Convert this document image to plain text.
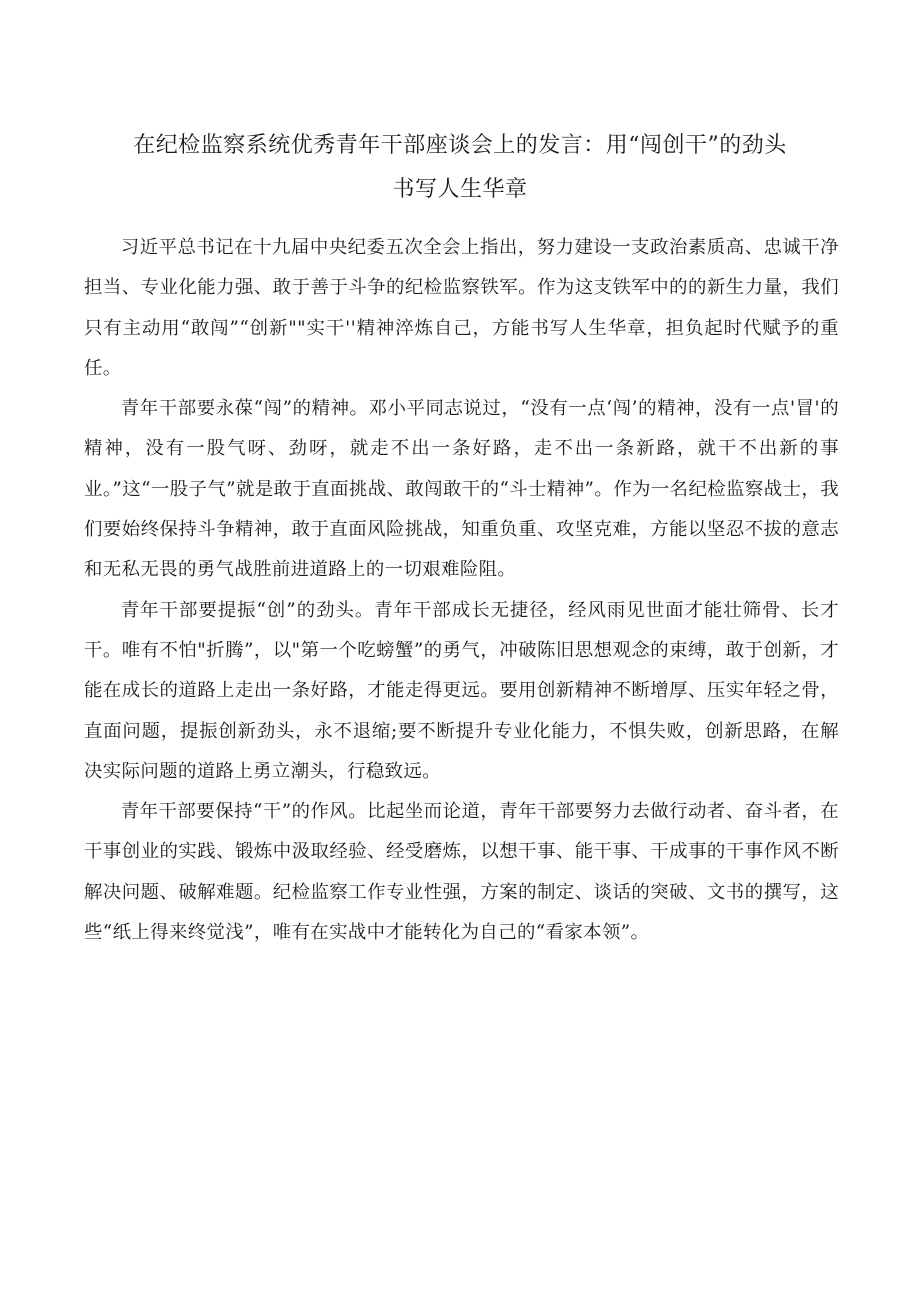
在纪检监察系统优秀青年干部座谈会上的发言：用“闯创干”的劲头
书写人生华章

习近平总书记在十九届中央纪委五次全会上指出，努力建设一支政治素质高、忠诚干净担当、专业化能力强、敢于善于斗争的纪检监察铁军。作为这支铁军中的的新生力量，我们只有主动用“敢闯”“创新""实干''精神淬炼自己，方能书写人生华章，担负起时代赋予的重任。

青年干部要永葆“闯”的精神。邓小平同志说过，“没有一点‘闯’的精神，没有一点'冒'的精神，没有一股气呀、劲呀，就走不出一条好路，走不出一条新路，就干不出新的事业。”这“一股子气”就是敢于直面挑战、敢闯敢干的“斗士精神”。作为一名纪检监察战士，我们要始终保持斗争精神，敢于直面风险挑战，知重负重、攻坚克难，方能以坚忍不拔的意志和无私无畏的勇气战胜前进道路上的一切艰难险阻。

青年干部要提振“创”的劲头。青年干部成长无捷径，经风雨见世面才能壮筛骨、长才干。唯有不怕"折腾”，以"第一个吃螃蟹”的勇气，冲破陈旧思想观念的束缚，敢于创新，才能在成长的道路上走出一条好路，才能走得更远。要用创新精神不断增厚、压实年轻之骨，直面问题，提振创新劲头，永不退缩;要不断提升专业化能力，不惧失败，创新思路，在解决实际问题的道路上勇立潮头，行稳致远。

青年干部要保持“干”的作风。比起坐而论道，青年干部要努力去做行动者、奋斗者，在干事创业的实践、锻炼中汲取经验、经受磨炼，以想干事、能干事、干成事的干事作风不断解决问题、破解难题。纪检监察工作专业性强，方案的制定、谈话的突破、文书的撰写，这些“纸上得来终觉浅”，唯有在实战中才能转化为自己的“看家本领”。
